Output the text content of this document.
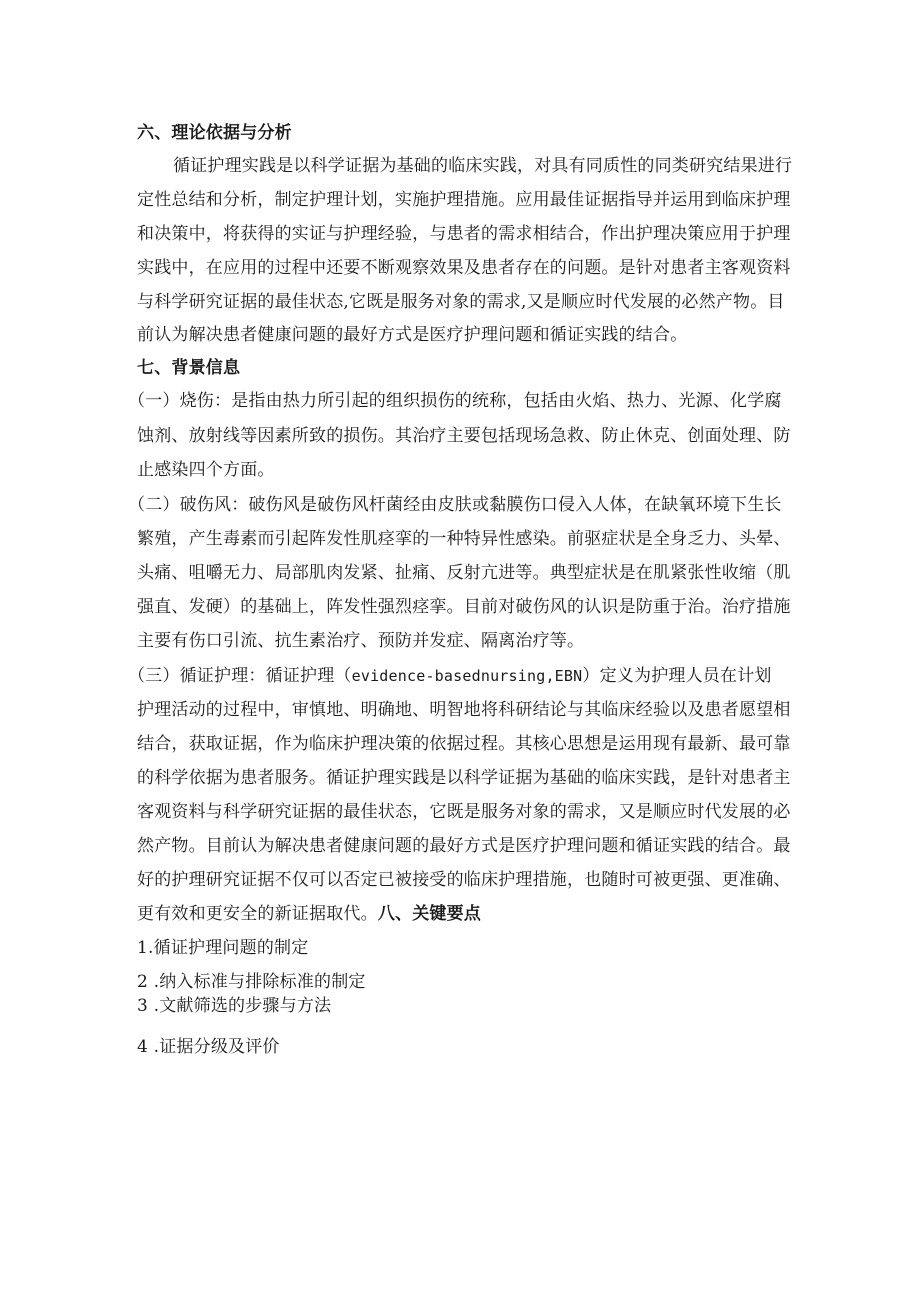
六、理论依据与分析
循证护理实践是以科学证据为基础的临床实践，对具有同质性的同类研究结果进行
定性总结和分析，制定护理计划，实施护理措施。应用最佳证据指导并运用到临床护理
和决策中，将获得的实证与护理经验，与患者的需求相结合，作出护理决策应用于护理
实践中，在应用的过程中还要不断观察效果及患者存在的问题。是针对患者主客观资料
与科学研究证据的最佳状态,它既是服务对象的需求,又是顺应时代发展的必然产物。目
前认为解决患者健康问题的最好方式是医疗护理问题和循证实践的结合。
七、背景信息
（一）烧伤：是指由热力所引起的组织损伤的统称，包括由火焰、热力、光源、化学腐
蚀剂、放射线等因素所致的损伤。其治疗主要包括现场急救、防止休克、创面处理、防
止感染四个方面。
（二）破伤风：破伤风是破伤风杆菌经由皮肤或黏膜伤口侵入人体，在缺氧环境下生长
繁殖，产生毒素而引起阵发性肌痉挛的一种特异性感染。前驱症状是全身乏力、头晕、
头痛、咀嚼无力、局部肌肉发紧、扯痛、反射亢进等。典型症状是在肌紧张性收缩（肌
强直、发硬）的基础上，阵发性强烈痉挛。目前对破伤风的认识是防重于治。治疗措施
主要有伤口引流、抗生素治疗、预防并发症、隔离治疗等。
（三）循证护理：循证护理（evidence-basednursing,EBN）定义为护理人员在计划
护理活动的过程中，审慎地、明确地、明智地将科研结论与其临床经验以及患者愿望相
结合，获取证据，作为临床护理决策的依据过程。其核心思想是运用现有最新、最可靠
的科学依据为患者服务。循证护理实践是以科学证据为基础的临床实践，是针对患者主
客观资料与科学研究证据的最佳状态，它既是服务对象的需求，又是顺应时代发展的必
然产物。目前认为解决患者健康问题的最好方式是医疗护理问题和循证实践的结合。最
好的护理研究证据不仅可以否定已被接受的临床护理措施，也随时可被更强、更准确、
更有效和更安全的新证据取代。八、关键要点
1.循证护理问题的制定
2 .纳入标准与排除标准的制定
3 .文献筛选的步骤与方法
4 .证据分级及评价
